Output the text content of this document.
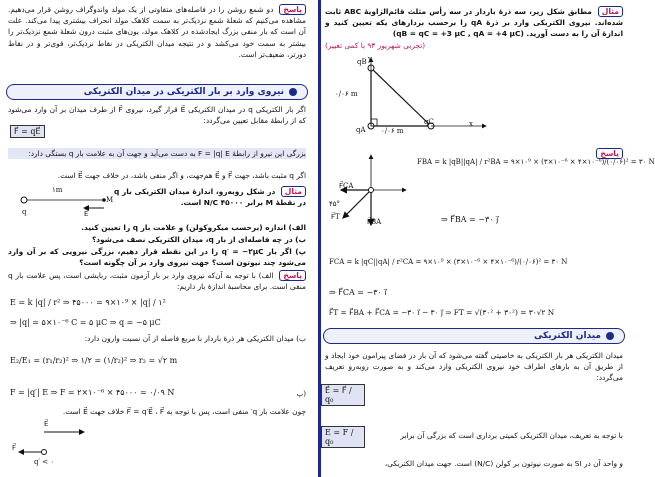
مثال مطابق شکل زیر، سه ذرهٔ باردار در سه رأس مثلث قائم‌الزاویهٔ ABC ثابت شده‌اند. نیروی الکتریکی وارد بر ذرهٔ qA را برحسب بردارهای یکه تعیین کنید و اندازهٔ آن را به دست آورید. (qB = qC = +3 μC , qA = +4 μC)
(تجربی شهریور ۹۳ با کمی تغییر)
qB
qA
qC
۰/۰۶ m
۰/۰۶ m
x
y
پاسخ
F⃗CA
F⃗BA
F⃗T
۴۵°
FBA = k |qB||qA| / r²BA = ۹×۱۰⁹ × (۳×۱۰⁻⁶ × ۴×۱۰⁻⁶)/(۰/۰۶)² = ۳۰ N
⇒ F⃗BA = −۳۰ j⃗
FCA = k |qC||qA| / r²CA = ۹×۱۰⁹ × (۳×۱۰⁻⁶ × ۴×۱۰⁻⁶)/(۰/۰۶)² = ۳۰ N
⇒ F⃗CA = −۳۰ i⃗
F⃗T = F⃗BA + F⃗CA = −۳۰ i⃗ − ۳۰ j⃗ ⇒ FT = √(۳۰² + ۳۰²) = ۳۰√۲ N
میدان الکتریکی
میدان الکتریکی هر بار الکتریکی به خاصیتی گفته می‌شود که آن بار در فضای پیرامون خود ایجاد و از طریق آن به بارهای اطراف خود نیروی الکتریکی وارد می‌کند و به صورت روبه‌رو تعریف می‌گردد:
E⃗ = F⃗ / q₀
با توجه به تعریف، میدان الکتریکی کمیتی برداری است که بزرگی آن برابر
E = F / q₀
و واحد آن در SI به صورت نیوتون بر کولن (N/C) است. جهت میدان الکتریکی،
پاسخ دو شمع روشن را در فاصله‌های متفاوتی از یک مولد واندوگراف روشن قرار می‌دهیم. مشاهده می‌کنیم که شعلهٔ شمع نزدیک‌تر به سمت کلاهک مولد انحراف بیشتری پیدا می‌کند. علت آن است که بار منفی بزرگ ایجادشده در کلاهک مولد، یون‌های مثبت درون شعلهٔ شمع نزدیک‌تر را بیشتر به سمت خود می‌کشد و در نتیجه میدان الکتریکی در نقاط نزدیک‌تر، قوی‌تر و در نقاط دورتر، ضعیف‌تر است.
نیروی وارد بر بار الکتریکی در میدان الکتریکی
اگر بار الکتریکی q در میدان الکتریکی E⃗ قرار گیرد، نیروی F⃗ از طرف میدان بر آن وارد می‌شود که از رابطهٔ مقابل تعیین می‌گردد:
F⃗ = qE⃗
بزرگی این نیرو از رابطهٔ F = |q| E به دست می‌آید و جهت آن به علامت بار q بستگی دارد:
اگر q مثبت باشد، جهت F⃗ و E⃗ هم‌جهت، و اگر منفی باشد، در خلاف جهت E⃗ است.
مثال در شکل روبه‌رو، اندازهٔ میدان الکتریکی بار q در نقطهٔ M برابر ۴۵۰۰۰ N/C است.
۱m
q
M
E⃗
الف) اندازه (برحسب میکروکولن) و علامت بار q را تعیین کنید.
ب) در چه فاصله‌ای از بار q، میدان الکتریکی نصف می‌شود؟
پ) اگر بار q′ = −۲μC را در این نقطه قرار دهیم، بزرگی نیرویی که بر آن وارد می‌شود چند نیوتون است؟ جهت نیروی وارد بر آن چگونه است؟
پاسخ الف) با توجه به آن‌که نیروی وارد بر بار آزمون مثبت، ربایشی است، پس علامت بار q منفی است. برای محاسبهٔ اندازهٔ بار داریم:
E = k |q| / r² ⇒ ۴۵۰۰۰ = ۹×۱۰⁹ × |q| / ۱²
⇒ |q| = ۵×۱۰⁻⁶ C = ۵ μC ⇒ q = −۵ μC
ب) میدان الکتریکی هر ذرهٔ باردار با مربع فاصله از آن نسبت وارون دارد:
E₂/E₁ = (r₁/r₂)² ⇒ ۱/۲ = (۱/r₂)² ⇒ r₂ = √۲ m
F = |q′| E ⇒ F = ۲×۱۰⁻⁶ × ۴۵۰۰۰ = ۰/۰۹ N	پ)
چون علامت بار q′ منفی است، پس با توجه به F⃗ = q′E⃗ ، F⃗ خلاف جهت E⃗ است.
E⃗
F⃗
q′ < ۰
